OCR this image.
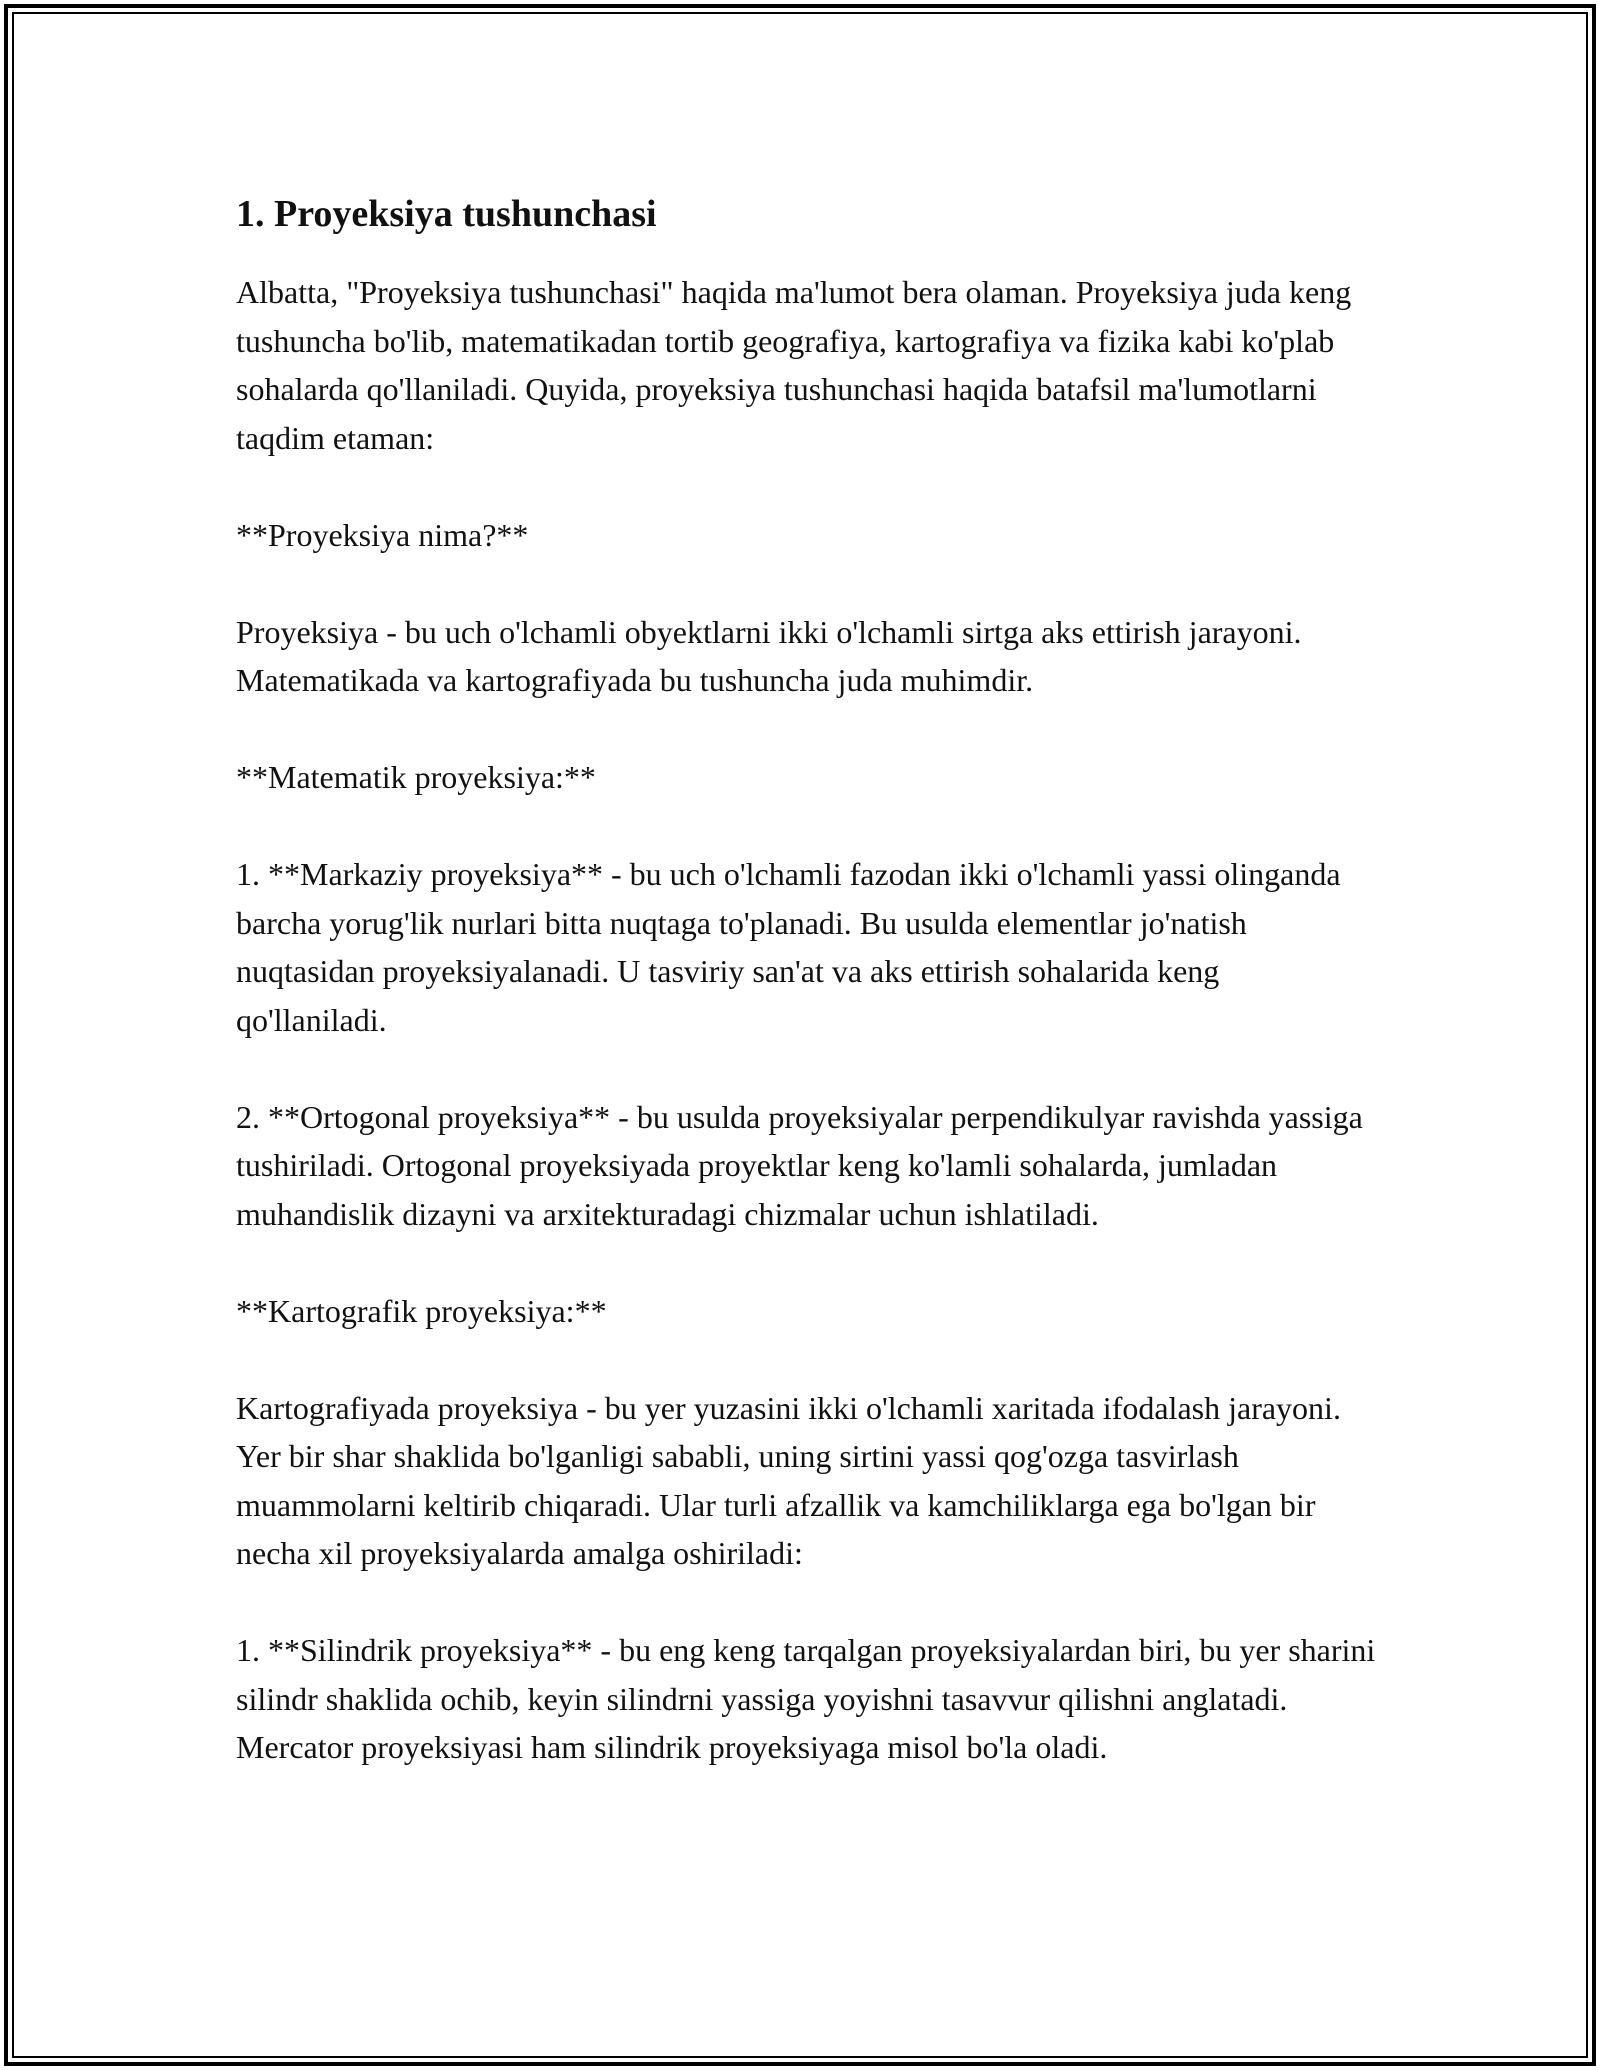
1. Proyeksiya tushunchasi

Albatta, "Proyeksiya tushunchasi" haqida ma'lumot bera olaman. Proyeksiya juda keng tushuncha bo'lib, matematikadan tortib geografiya, kartografiya va fizika kabi ko'plab sohalarda qo'llaniladi. Quyida, proyeksiya tushunchasi haqida batafsil ma'lumotlarni taqdim etaman:

**Proyeksiya nima?**

Proyeksiya - bu uch o'lchamli obyektlarni ikki o'lchamli sirtga aks ettirish jarayoni. Matematikada va kartografiyada bu tushuncha juda muhimdir.

**Matematik proyeksiya:**

1. **Markaziy proyeksiya** - bu uch o'lchamli fazodan ikki o'lchamli yassi olinganda barcha yorug'lik nurlari bitta nuqtaga to'planadi. Bu usulda elementlar jo'natish nuqtasidan proyeksiyalanadi. U tasviriy san'at va aks ettirish sohalarida keng qo'llaniladi.

2. **Ortogonal proyeksiya** - bu usulda proyeksiyalar perpendikulyar ravishda yassiga tushiriladi. Ortogonal proyeksiyada proyektlar keng ko'lamli sohalarda, jumladan muhandislik dizayni va arxitekturadagi chizmalar uchun ishlatiladi.

**Kartografik proyeksiya:**

Kartografiyada proyeksiya - bu yer yuzasini ikki o'lchamli xaritada ifodalash jarayoni. Yer bir shar shaklida bo'lganligi sababli, uning sirtini yassi qog'ozga tasvirlash muammolarni keltirib chiqaradi. Ular turli afzallik va kamchiliklarga ega bo'lgan bir necha xil proyeksiyalarda amalga oshiriladi:

1. **Silindrik proyeksiya** - bu eng keng tarqalgan proyeksiyalardan biri, bu yer sharini silindr shaklida ochib, keyin silindrni yassiga yoyishni tasavvur qilishni anglatadi. Mercator proyeksiyasi ham silindrik proyeksiyaga misol bo'la oladi.
